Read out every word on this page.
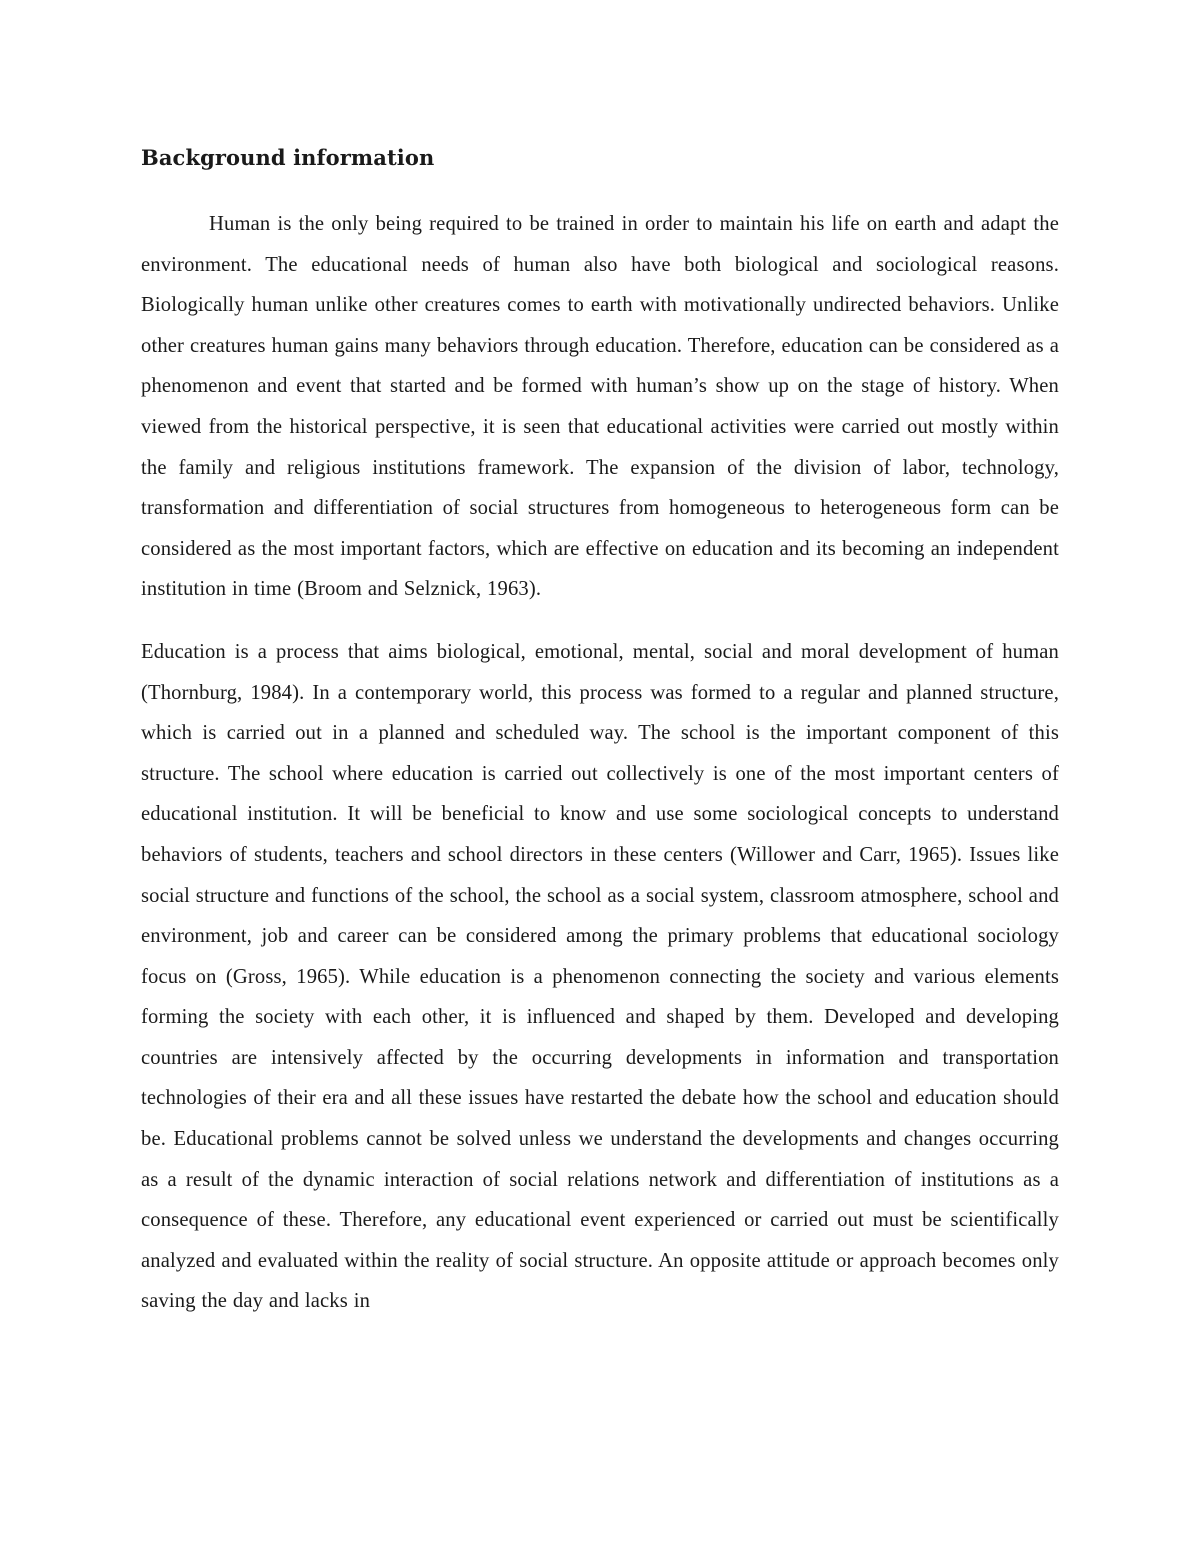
Background information

Human is the only being required to be trained in order to maintain his life on earth and adapt the environment. The educational needs of human also have both biological and sociological reasons. Biologically human unlike other creatures comes to earth with motivationally undirected behaviors. Unlike other creatures human gains many behaviors through education. Therefore, education can be considered as a phenomenon and event that started and be formed with human’s show up on the stage of history. When viewed from the historical perspective, it is seen that educational activities were carried out mostly within the family and religious institutions framework. The expansion of the division of labor, technology, transformation and differentiation of social structures from homogeneous to heterogeneous form can be considered as the most important factors, which are effective on education and its becoming an independent institution in time (Broom and Selznick, 1963).

Education is a process that aims biological, emotional, mental, social and moral development of human (Thornburg, 1984). In a contemporary world, this process was formed to a regular and planned structure, which is carried out in a planned and scheduled way. The school is the important component of this structure. The school where education is carried out collectively is one of the most important centers of educational institution. It will be beneficial to know and use some sociological concepts to understand behaviors of students, teachers and school directors in these centers (Willower and Carr, 1965). Issues like social structure and functions of the school, the school as a social system, classroom atmosphere, school and environment, job and career can be considered among the primary problems that educational sociology focus on (Gross, 1965). While education is a phenomenon connecting the society and various elements forming the society with each other, it is influenced and shaped by them. Developed and developing countries are intensively affected by the occurring developments in information and transportation technologies of their era and all these issues have restarted the debate how the school and education should be. Educational problems cannot be solved unless we understand the developments and changes occurring as a result of the dynamic interaction of social relations network and differentiation of institutions as a consequence of these. Therefore, any educational event experienced or carried out must be scientifically analyzed and evaluated within the reality of social structure. An opposite attitude or approach becomes only saving the day and lacks in
